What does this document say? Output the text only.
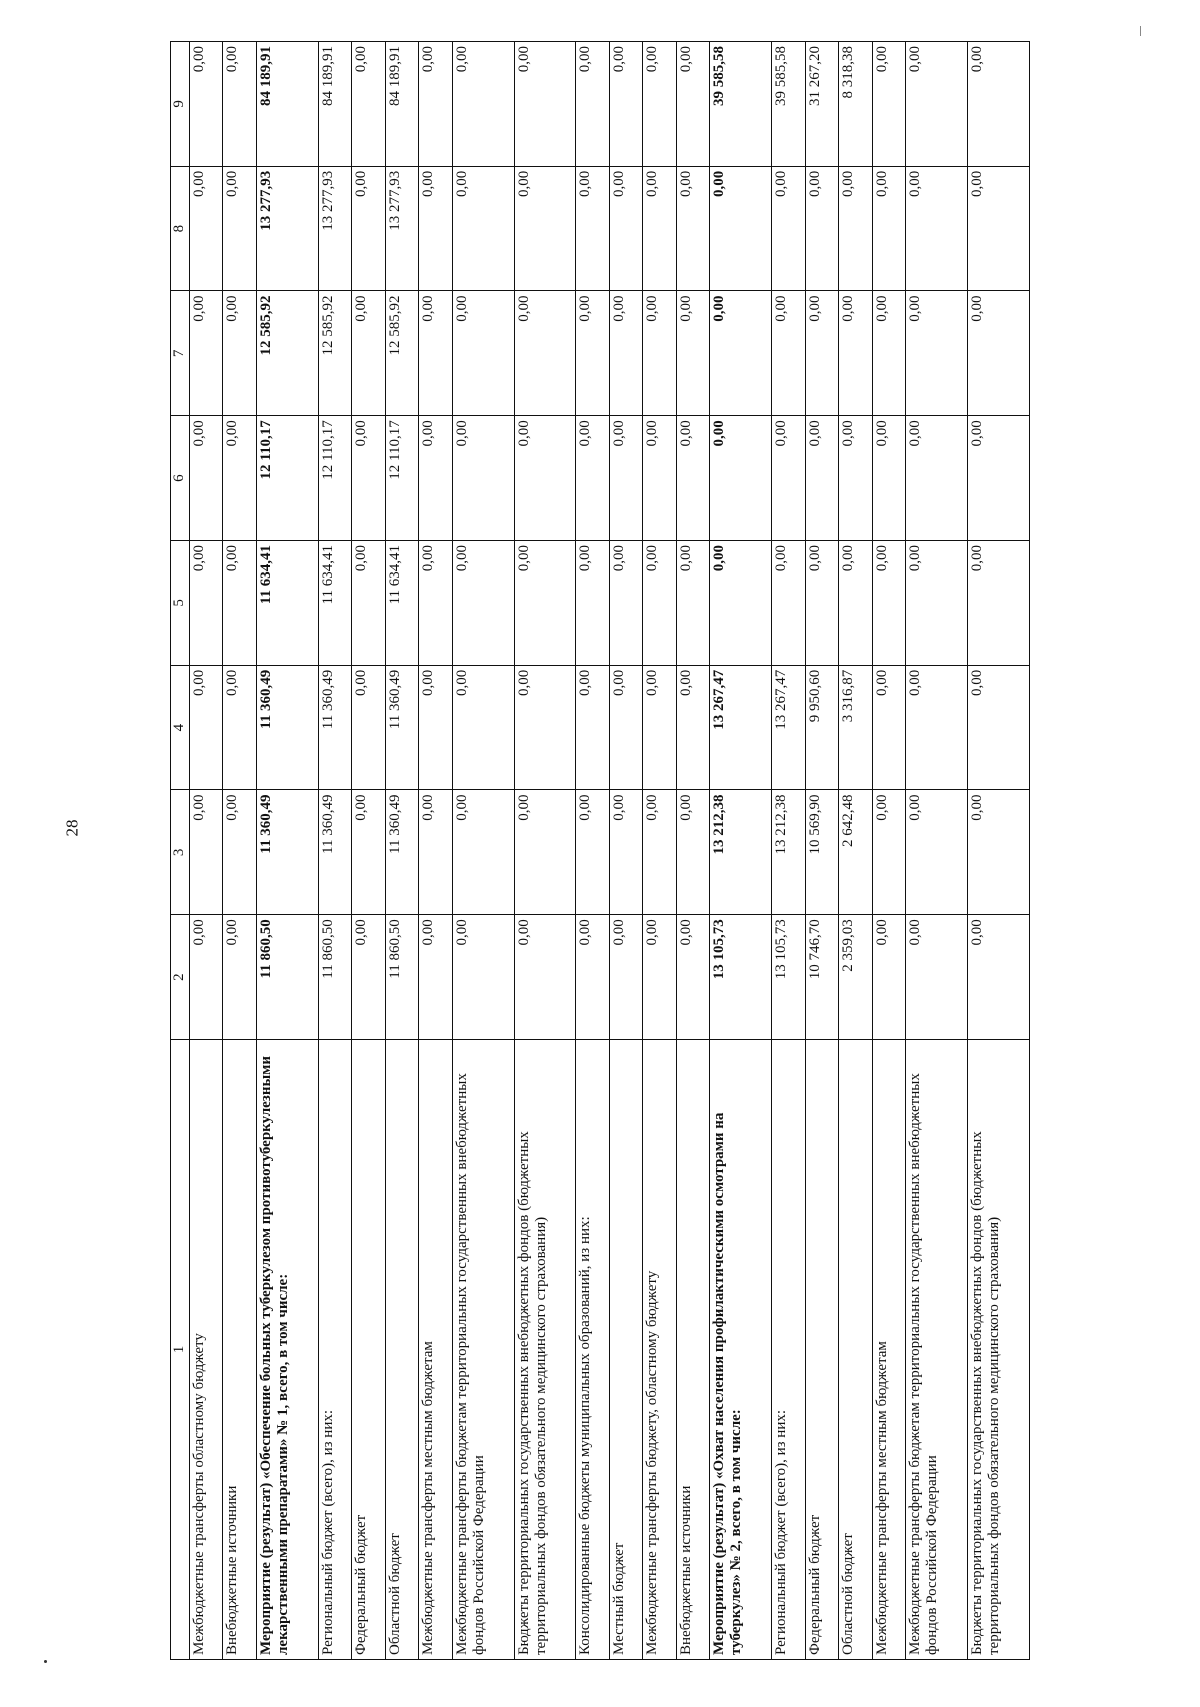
28
1	2	3	4	5	6	7	8	9
Межбюджетные трансферты областному бюджету	0,00	0,00	0,00	0,00	0,00	0,00	0,00	0,00
Внебюджетные источники	0,00	0,00	0,00	0,00	0,00	0,00	0,00	0,00
Мероприятие (результат) «Обеспечение больных туберкулезом противотуберкулезными лекарственными препаратами» № 1, всего, в том числе:	11 860,50	11 360,49	11 360,49	11 634,41	12 110,17	12 585,92	13 277,93	84 189,91
Региональный бюджет (всего), из них:	11 860,50	11 360,49	11 360,49	11 634,41	12 110,17	12 585,92	13 277,93	84 189,91
Федеральный бюджет	0,00	0,00	0,00	0,00	0,00	0,00	0,00	0,00
Областной бюджет	11 860,50	11 360,49	11 360,49	11 634,41	12 110,17	12 585,92	13 277,93	84 189,91
Межбюджетные трансферты местным бюджетам	0,00	0,00	0,00	0,00	0,00	0,00	0,00	0,00
Межбюджетные трансферты бюджетам территориальных государственных внебюджетных фондов Российской Федерации	0,00	0,00	0,00	0,00	0,00	0,00	0,00	0,00
Бюджеты территориальных государственных внебюджетных фондов (бюджетных территориальных фондов обязательного медицинского страхования)	0,00	0,00	0,00	0,00	0,00	0,00	0,00	0,00
Консолидированные бюджеты муниципальных образований, из них:	0,00	0,00	0,00	0,00	0,00	0,00	0,00	0,00
Местный бюджет	0,00	0,00	0,00	0,00	0,00	0,00	0,00	0,00
Межбюджетные трансферты бюджету, областному бюджету	0,00	0,00	0,00	0,00	0,00	0,00	0,00	0,00
Внебюджетные источники	0,00	0,00	0,00	0,00	0,00	0,00	0,00	0,00
Мероприятие (результат) «Охват населения профилактическими осмотрами на туберкулез» № 2, всего, в том числе:	13 105,73	13 212,38	13 267,47	0,00	0,00	0,00	0,00	39 585,58
Региональный бюджет (всего), из них:	13 105,73	13 212,38	13 267,47	0,00	0,00	0,00	0,00	39 585,58
Федеральный бюджет	10 746,70	10 569,90	9 950,60	0,00	0,00	0,00	0,00	31 267,20
Областной бюджет	2 359,03	2 642,48	3 316,87	0,00	0,00	0,00	0,00	8 318,38
Межбюджетные трансферты местным бюджетам	0,00	0,00	0,00	0,00	0,00	0,00	0,00	0,00
Межбюджетные трансферты бюджетам территориальных государственных внебюджетных фондов Российской Федерации	0,00	0,00	0,00	0,00	0,00	0,00	0,00	0,00
Бюджеты территориальных государственных внебюджетных фондов (бюджетных территориальных фондов обязательного медицинского страхования)	0,00	0,00	0,00	0,00	0,00	0,00	0,00	0,00
